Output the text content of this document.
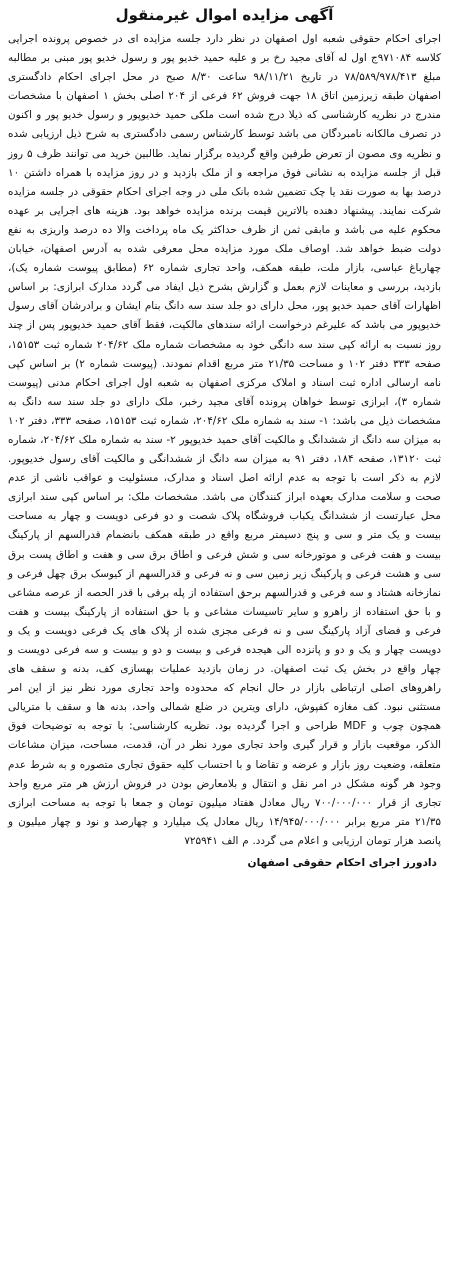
آگهی مزایده اموال غیرمنقول

اجرای احکام حقوقی شعبه اول اصفهان در نظر دارد جلسه مزایده ای در خصوص پرونده اجرایی کلاسه ۹۷۱۰۸۴ج اول له آقای مجید رخ بر و علیه حمید خدیو پور و رسول خدیو پور مبنی بر مطالبه مبلغ ۷۸/۵۸۹/۹۷۸/۴۱۳ در تاریخ ۹۸/۱۱/۲۱ ساعت ۸/۳۰ صبح در محل اجرای احکام دادگستری اصفهان طبقه زیرزمین اتاق ۱۸ جهت فروش ۶۲ فرعی از ۲۰۴ اصلی بخش ۱ اصفهان با مشخصات مندرج در نظریه کارشناسی که ذیلا درج شده است ملکی حمید خدیوپور و رسول خدیو پور و اکنون در تصرف مالکانه نامبردگان می باشد توسط کارشناس رسمی دادگستری به شرح ذیل ارزیابی شده و نظریه وی مصون از تعرض طرفین واقع گردیده برگزار نماید. طالبین خرید می توانند ظرف ۵ روز قبل از جلسه مزایده به نشانی فوق مراجعه و از ملک بازدید و در روز مزایده با همراه داشتن ۱۰ درصد بها به صورت نقد یا چک تضمین شده بانک ملی در وجه اجرای احکام حقوقی در جلسه مزایده شرکت نمایند. پیشنهاد دهنده بالاترین قیمت برنده مزایده خواهد بود. هزینه های اجرایی بر عهده محکوم علیه می باشد و مابقی ثمن از ظرف حداکثر یک ماه پرداخت والا ده درصد واریزی به نفع دولت ضبط خواهد شد. اوصاف ملک مورد مزایده محل معرفی شده به آدرس اصفهان، خیابان چهارباغ عباسی، بازار ملت، طبقه همکف، واحد تجاری شماره ۶۲ (مطابق پیوست شماره یک)، بازدید، بررسی و معاینات لازم بعمل و گزارش بشرح ذیل ایفاد می گردد مدارک ابرازی: بر اساس اظهارات آقای حمید خدیو پور، محل دارای دو جلد سند سه دانگ بنام ایشان و برادرشان آقای رسول خدیوپور می باشد که علیرغم درخواست ارائه سندهای مالکیت، فقط آقای حمید خدیوپور پس از چند روز نسبت به ارائه کپی سند سه دانگی خود به مشخصات شماره ملک ۲۰۴/۶۲ شماره ثبت ۱۵۱۵۳، صفحه ۳۳۳ دفتر ۱۰۲ و مساحت ۲۱/۳۵ متر مربع اقدام نمودند. (پیوست شماره ۲) بر اساس کپی نامه ارسالی اداره ثبت اسناد و املاک مرکزی اصفهان به شعبه اول اجرای احکام مدنی (پیوست شماره ۳)، ابرازی توسط خواهان پرونده آقای مجید رخبر، ملک دارای دو جلد سند سه دانگ به مشخصات ذیل می باشد: ۱- سند به شماره ملک ۲۰۴/۶۲، شماره ثبت ۱۵۱۵۳، صفحه ۳۳۳، دفتر ۱۰۲ به میزان سه دانگ از ششدانگ و مالکیت آقای حمید خدیوپور ۲- سند به شماره ملک ۲۰۴/۶۲، شماره ثبت ۱۳۱۲۰، صفحه ۱۸۴، دفتر ۹۱ به میزان سه دانگ از ششدانگی و مالکیت آقای رسول خدیوپور. لازم به ذکر است با توجه به عدم ارائه اصل اسناد و مدارک، مسئولیت و عواقب ناشی از عدم صحت و سلامت مدارک بعهده ابراز کنندگان می باشد. مشخصات ملک: بر اساس کپی سند ابرازی محل عبارتست از ششدانگ یکباب فروشگاه پلاک شصت و دو فرعی دویست و چهار به مساحت بیست و یک متر و سی و پنج دسیمتر مربع واقع در طبقه همکف بانضمام قدرالسهم از پارکینگ بیست و هفت فرعی و موتورخانه سی و شش فرعی و اطاق برق سی و هفت و اطاق پست برق سی و هشت فرعی و پارکینگ زیر زمین سی و نه فرعی و قدرالسهم از کیوسک برق چهل فرعی و نمازخانه هشتاد و سه فرعی و قدرالسهم برحق استفاده از پله برقی با قدر الحصه از عرصه مشاعی و با حق استفاده از راهرو و سایر تاسیسات مشاعی و با حق استفاده از پارکینگ بیست و هفت فرعی و فضای آزاد پارکینگ سی و نه فرعی مجزی شده از پلاک های یک فرعی دویست و یک و دویست چهار و یک و دو و پانزده الی هیجده فرعی و بیست و دو و بیست و سه فرعی دویست و چهار واقع در بخش یک ثبت اصفهان. در زمان بازدید عملیات بهسازی کف، بدنه و سقف های راهروهای اصلی ارتباطی بازار در حال انجام که محدوده واحد تجاری مورد نظر نیز از این امر مستثنی نبود. کف مغازه کفپوش، دارای ویترین در ضلع شمالی واحد، بدنه ها و سقف با متریالی همچون چوب و MDF طراحی و اجرا گردیده بود. نظریه کارشناسی: با توجه به توضیحات فوق الذکر، موقعیت بازار و قرار گیری واحد تجاری مورد نظر در آن، قدمت، مساحت، میزان مشاعات متعلقه، وضعیت روز بازار و عرضه و تقاضا و با احتساب کلیه حقوق تجاری متصوره و به شرط عدم وجود هر گونه مشکل در امر نقل و انتقال و بلامعارض بودن در فروش ارزش هر متر مربع واحد تجاری از قرار ۷۰۰/۰۰۰/۰۰۰ ریال معادل هفتاد میلیون تومان و جمعا با توجه به مساحت ابرازی ۲۱/۳۵ متر مربع برابر ۱۴/۹۴۵/۰۰۰/۰۰۰ ریال معادل یک میلیارد و چهارصد و نود و چهار میلیون و پانصد هزار تومان ارزیابی و اعلام می گردد. م الف ۷۲۵۹۴۱

دادورز اجرای احکام حقوقی اصفهان
